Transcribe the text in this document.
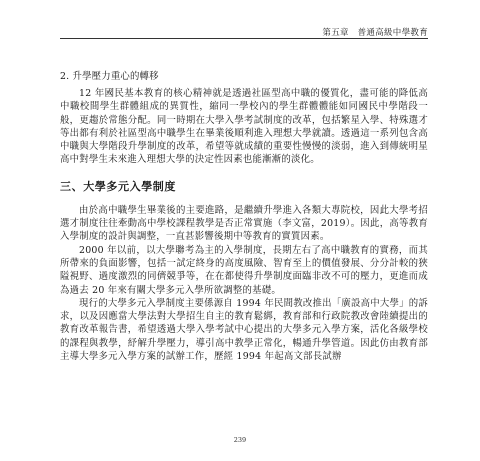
第五章　普通高級中學教育

2. 升學壓力重心的轉移

12 年國民基本教育的核心精神就是透過社區型高中職的優質化，盡可能的降低高中職校間學生群體組成的異質性，縮同一學校內的學生群體體能如同國民中學階段一般，更趨於常態分配。同一時期在大學入學考試制度的改革，包括繁星入學、特殊選才等出都有利於社區型高中職學生在畢業後順利進入理想大學就讀。透過這一系列包含高中職與大學階段升學制度的改革，希望等就成績的重要性慢慢的淡弱，進入到傳統明星高中對學生未來進入理想大學的決定性因素也能漸漸的淡化。

三、大學多元入學制度

由於高中職學生畢業後的主要進路，是繼續升學進入各類大專院校，因此大學考招選才制度往往牽動高中學校課程教學是否正常實施（李文富，2019）。因此，高等教育入學制度的設計與調整，一直甚影響後期中等教育的實質因素。

2000 年以前，以大學聯考為主的入學制度，長期左右了高中職教育的實務，而其所帶來的負面影響，包括一試定終身的高度風險、智育至上的價值發展、分分計較的狹隘視野、過度激烈的同儕競爭等，在在都使得升學制度面臨非改不可的壓力，更進而成為過去 20 年來有關大學多元入學所欲調整的基礎。

現行的大學多元入學制度主要係源自 1994 年民間教改推出「廣設高中大學」的訴求，以及因應當大學法對大學招生自主的教育鬆綁，教育部和行政院教改會陸續提出的教育改革報告書，希望透過大學入學考試中心提出的大學多元入學方案，活化各級學校的課程與教學，紓解升學壓力，導引高中教學正常化，暢通升學管道。因此仿由教育部主導大學多元入學方案的試辦工作，歷經 1994 年起高文部長試辦

239
